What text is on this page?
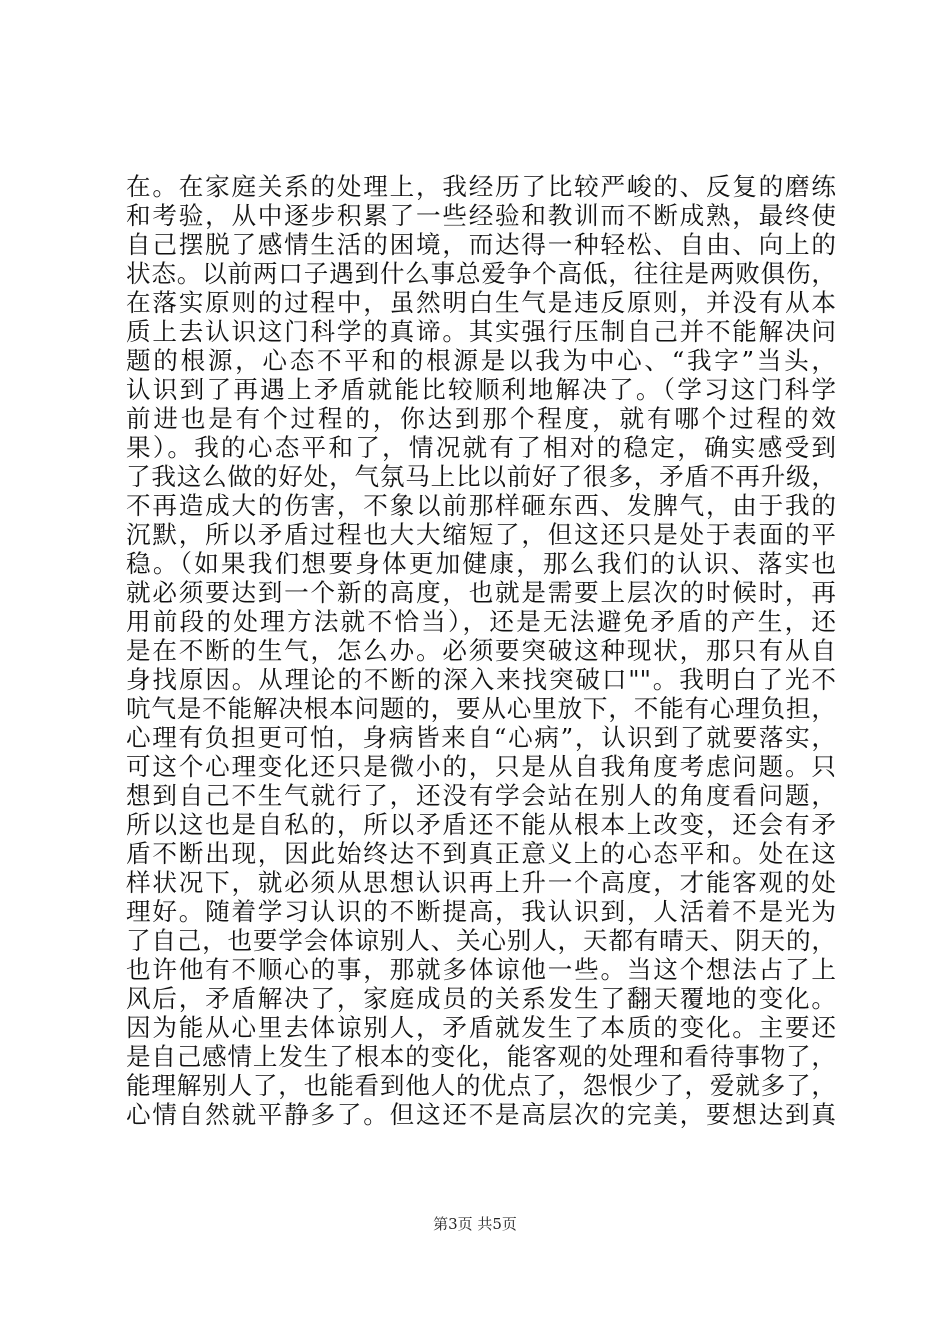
在。在家庭关系的处理上，我经历了比较严峻的、反复的磨练
和考验，从中逐步积累了一些经验和教训而不断成熟，最终使
自己摆脱了感情生活的困境，而达得一种轻松、自由、向上的
状态。以前两口子遇到什么事总爱争个高低，往往是两败俱伤，
在落实原则的过程中，虽然明白生气是违反原则，并没有从本
质上去认识这门科学的真谛。其实强行压制自己并不能解决问
题的根源，心态不平和的根源是以我为中心、“我字”当头，
认识到了再遇上矛盾就能比较顺利地解决了。（学习这门科学
前进也是有个过程的，你达到那个程度，就有哪个过程的效
果）。我的心态平和了，情况就有了相对的稳定，确实感受到
了我这么做的好处，气氛马上比以前好了很多，矛盾不再升级，
不再造成大的伤害，不象以前那样砸东西、发脾气，由于我的
沉默，所以矛盾过程也大大缩短了，但这还只是处于表面的平
稳。（如果我们想要身体更加健康，那么我们的认识、落实也
就必须要达到一个新的高度，也就是需要上层次的时候时，再
用前段的处理方法就不恰当），还是无法避免矛盾的产生，还
是在不断的生气，怎么办。必须要突破这种现状，那只有从自
身找原因。从理论的不断的深入来找突破口""。我明白了光不
吭气是不能解决根本问题的，要从心里放下，不能有心理负担，
心理有负担更可怕，身病皆来自“心病”，认识到了就要落实，
可这个心理变化还只是微小的，只是从自我角度考虑问题。只
想到自己不生气就行了，还没有学会站在别人的角度看问题，
所以这也是自私的，所以矛盾还不能从根本上改变，还会有矛
盾不断出现，因此始终达不到真正意义上的心态平和。处在这
样状况下，就必须从思想认识再上升一个高度，才能客观的处
理好。随着学习认识的不断提高，我认识到，人活着不是光为
了自己，也要学会体谅别人、关心别人，天都有晴天、阴天的，
也许他有不顺心的事，那就多体谅他一些。当这个想法占了上
风后，矛盾解决了，家庭成员的关系发生了翻天覆地的变化。
因为能从心里去体谅别人，矛盾就发生了本质的变化。主要还
是自己感情上发生了根本的变化，能客观的处理和看待事物了，
能理解别人了，也能看到他人的优点了，怨恨少了，爱就多了，
心情自然就平静多了。但这还不是高层次的完美，要想达到真
第3页 共5页
